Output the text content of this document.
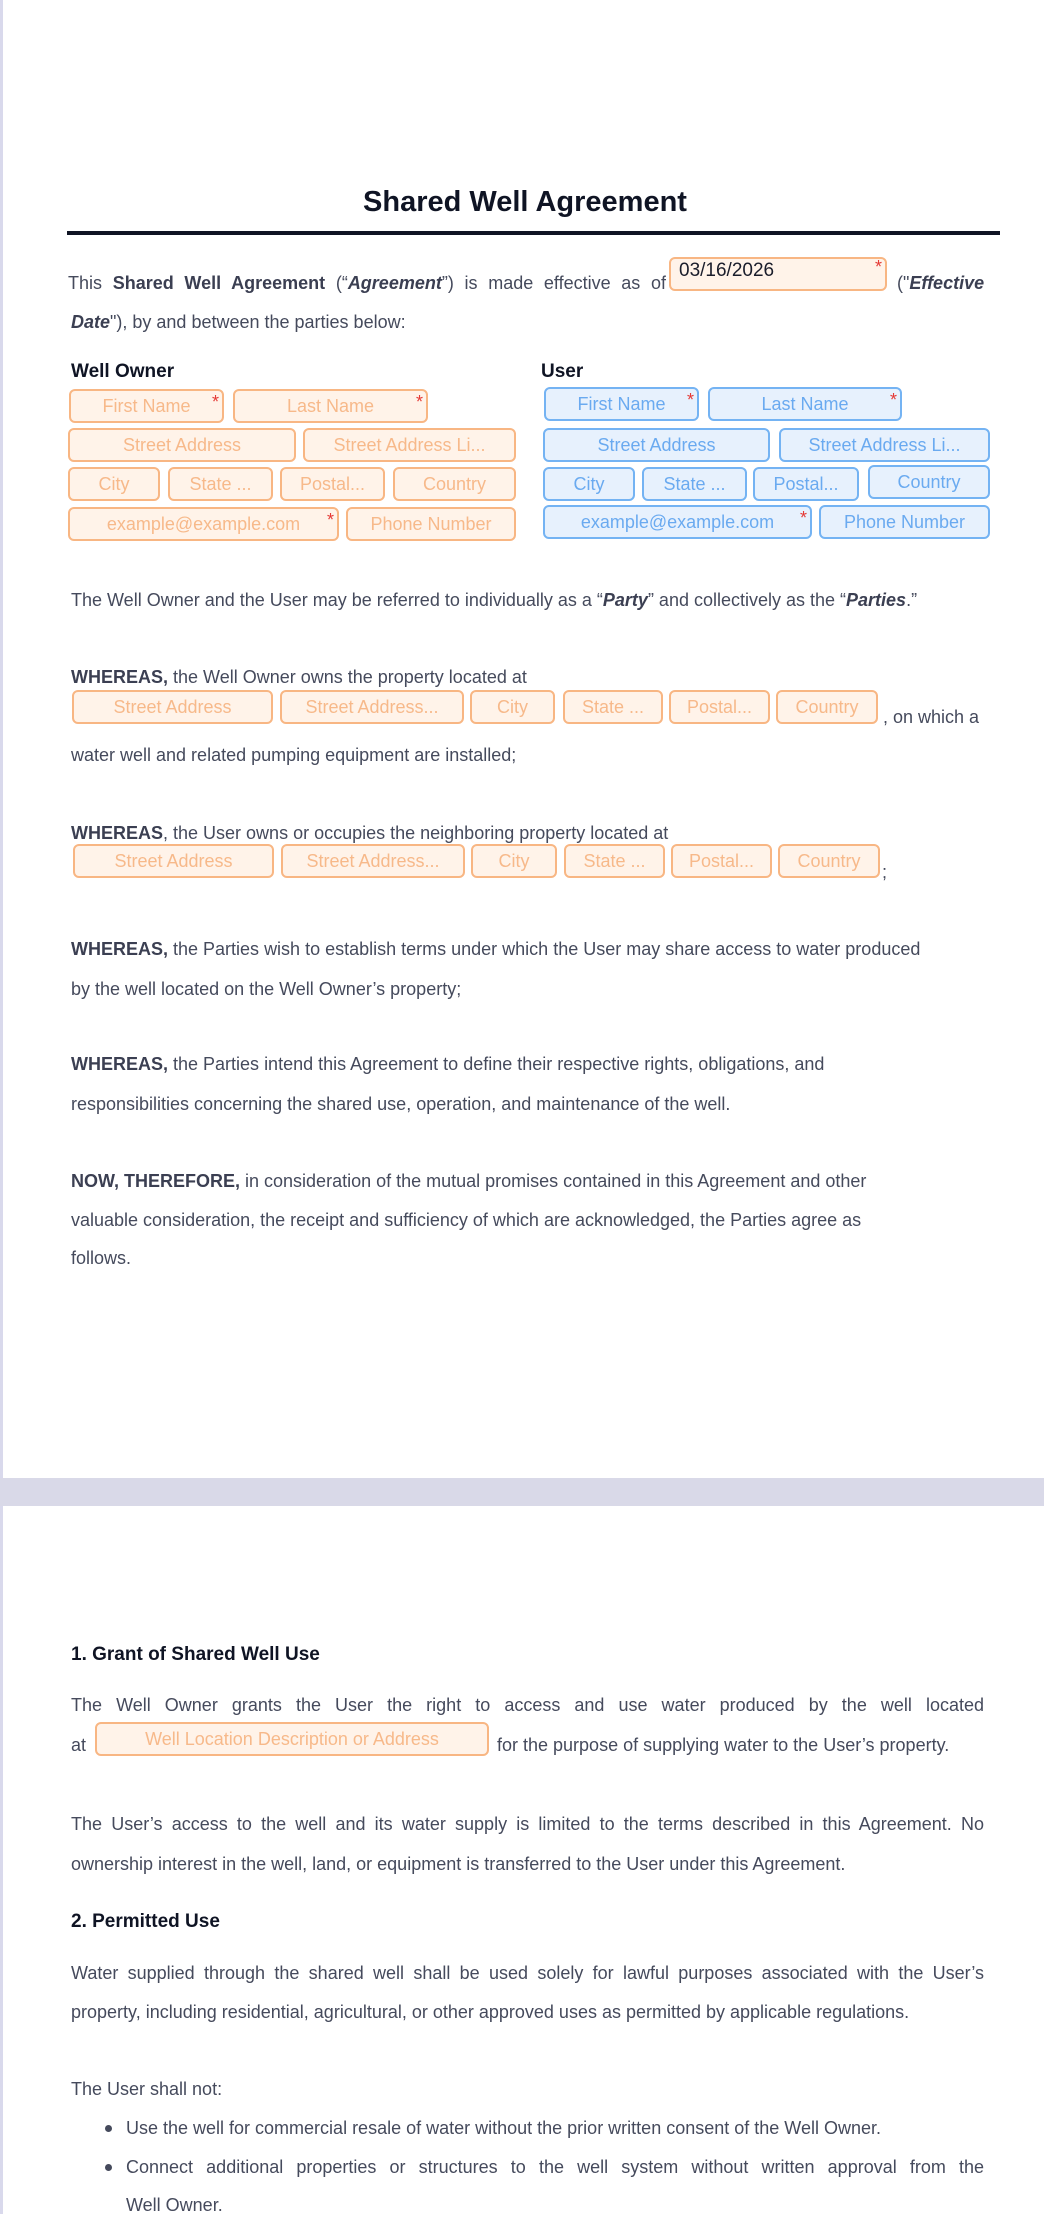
Shared Well Agreement
This Shared Well Agreement (“Agreement”) is made effective as of
03/16/2026	*
("Effective
Date"), by and between the parties below:
Well Owner	User
First Name *	Last Name *
Street Address	Street Address Li...
City	State ...	Postal...	Country
example@example.com *	Phone Number
First Name *	Last Name *
Street Address	Street Address Li...
City	State ...	Postal...	Country
example@example.com *	Phone Number
The Well Owner and the User may be referred to individually as a “Party” and collectively as the “Parties.”
WHEREAS, the Well Owner owns the property located at
Street Address	Street Address...	City	State ...	Postal...	Country	, on which a
water well and related pumping equipment are installed;
WHEREAS, the User owns or occupies the neighboring property located at
Street Address	Street Address...	City	State ...	Postal...	Country
;
WHEREAS, the Parties wish to establish terms under which the User may share access to water produced
by the well located on the Well Owner’s property;
WHEREAS, the Parties intend this Agreement to define their respective rights, obligations, and
responsibilities concerning the shared use, operation, and maintenance of the well.
NOW, THEREFORE, in consideration of the mutual promises contained in this Agreement and other
valuable consideration, the receipt and sufficiency of which are acknowledged, the Parties agree as
follows.
1. Grant of Shared Well Use
The Well Owner grants the User the right to access and use water produced by the well located
at	Well Location Description or Address	for the purpose of supplying water to the User’s property.
The User’s access to the well and its water supply is limited to the terms described in this Agreement. No
ownership interest in the well, land, or equipment is transferred to the User under this Agreement.
2. Permitted Use
Water supplied through the shared well shall be used solely for lawful purposes associated with the User’s
property, including residential, agricultural, or other approved uses as permitted by applicable regulations.
The User shall not:
Use the well for commercial resale of water without the prior written consent of the Well Owner.
Connect additional properties or structures to the well system without written approval from the
Well Owner.
